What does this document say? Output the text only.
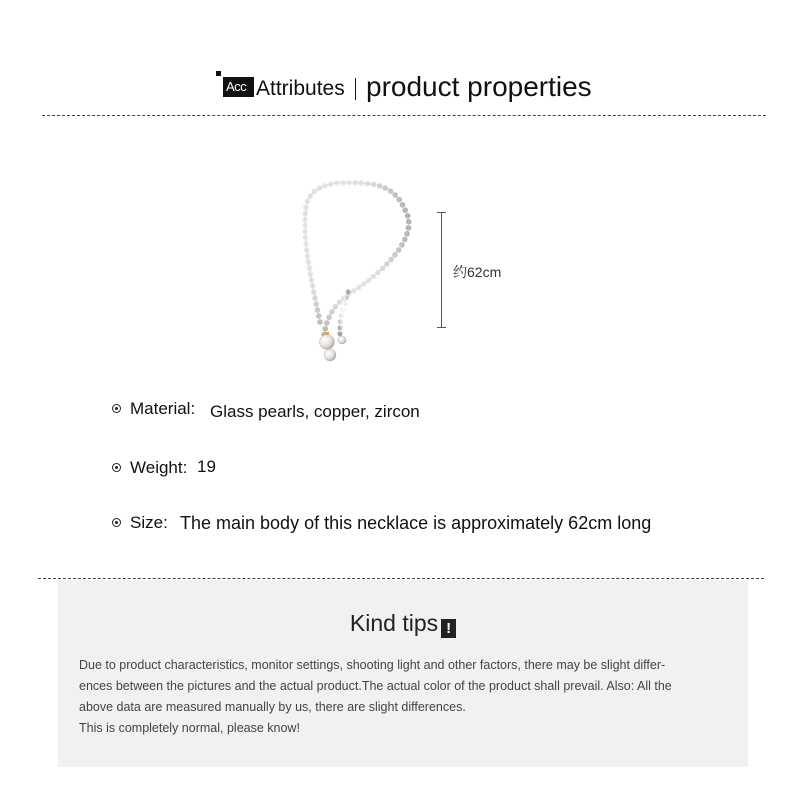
Acc Attributes product properties
约62cm
Material: Glass pearls, copper, zircon
Weight: 19
Size: The main body of this necklace is approximately 62cm long
Kind tips !

Due to product characteristics, monitor settings, shooting light and other factors, there may be slight differ-

ences between the pictures and the actual product.The actual color of the product shall prevail. Also: All the

above data are measured manually by us, there are slight differences.

This is completely normal, please know!
